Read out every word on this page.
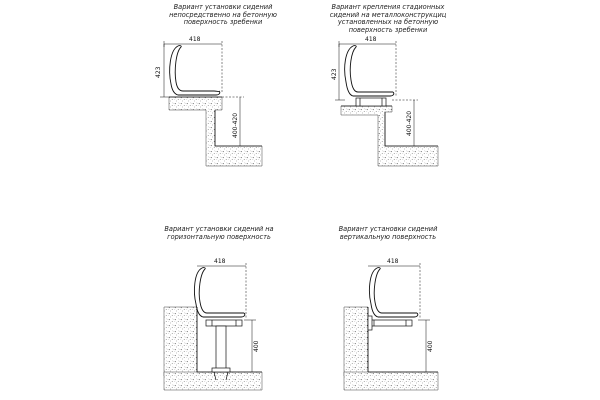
Вариант установки сидений
непосредственно на бетонную
поверхность зребенки
Вариант крепления стадионных
сидений на металлоконструкциц
установленных на бетонную
поверхность зребенки
Вариант установки сидений на
горизонтальную поверхность
Вариант установки сидений
вертикальную поверхность
418
423
400-420
418
423
400-420
418
400
418
400
